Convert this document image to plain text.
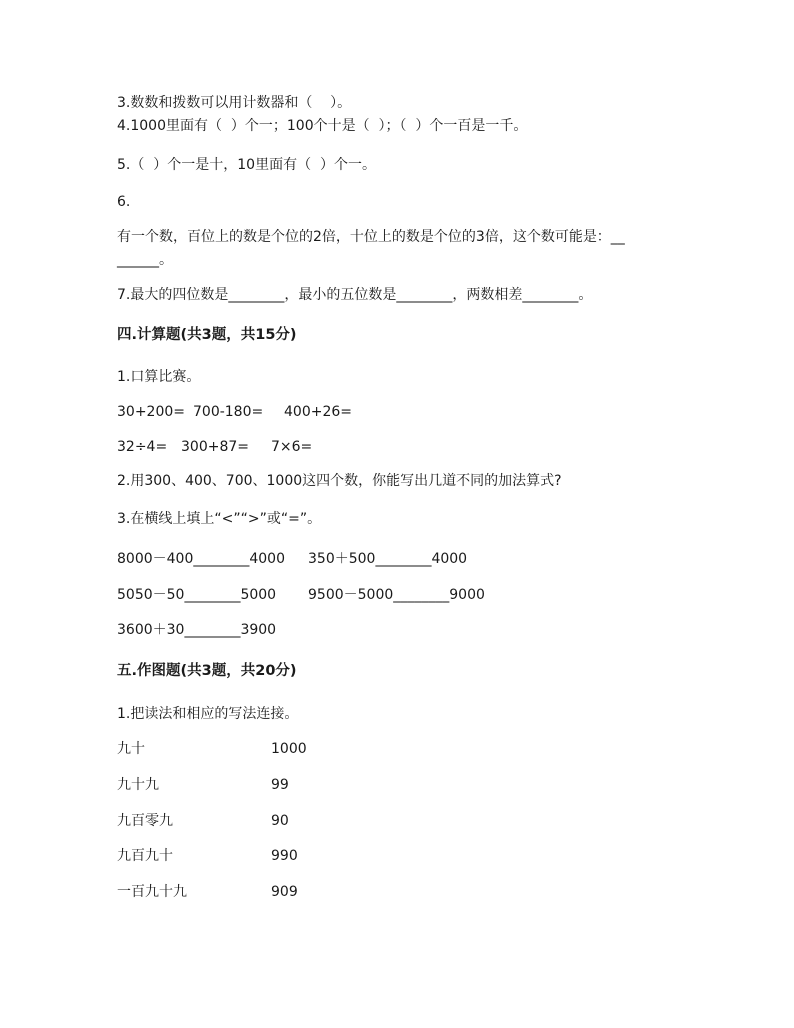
3.数数和拨数可以用计数器和（    ）。
4.1000里面有（  ）个一；100个十是（  ）；（  ）个一百是一千。
5.（  ）个一是十，10里面有（  ）个一。
6.
有一个数，百位上的数是个位的2倍，十位上的数是个位的3倍，这个数可能是：__
______。
7.最大的四位数是________，最小的五位数是________，两数相差________。
四.计算题(共3题，共15分)
1.口算比赛。
30+200= 700-180= 400+26=
32÷4= 300+87= 7×6=
2.用300、400、700、1000这四个数，你能写出几道不同的加法算式?
3.在横线上填上“<”“>”或“=”。
8000－400________4000 350＋500________4000
5050－50________5000 9500－5000________9000
3600＋30________3900
五.作图题(共3题，共20分)
1.把读法和相应的写法连接。
九十	1000
九十九	99
九百零九	90
九百九十	990
一百九十九	909
